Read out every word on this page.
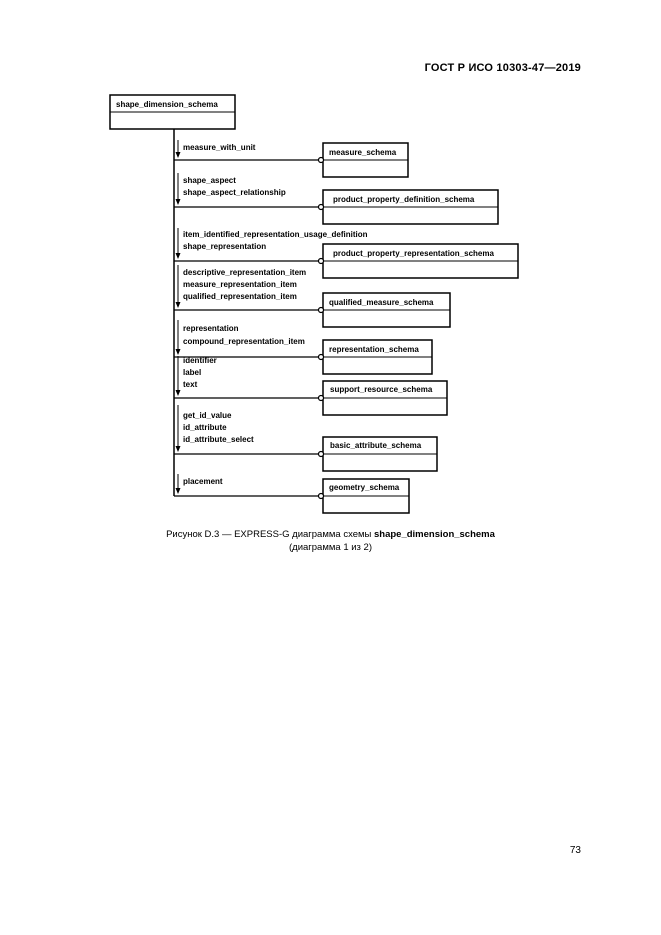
ГОСТ Р ИСО 10303-47—2019
shape_dimension_schema
measure_schema
measure_with_unit
product_property_definition_schema
shape_aspect
shape_aspect_relationship
product_property_representation_schema
item_identified_representation_usage_definition
shape_representation
qualified_measure_schema
descriptive_representation_item
measure_representation_item
qualified_representation_item
representation_schema
representation
compound_representation_item
support_resource_schema
identifier
label
text
basic_attribute_schema
get_id_value
id_attribute
id_attribute_select
geometry_schema
placement
Рисунок D.3 — EXPRESS-G диаграмма схемы shape_dimension_schema
(диаграмма 1 из 2)
73
